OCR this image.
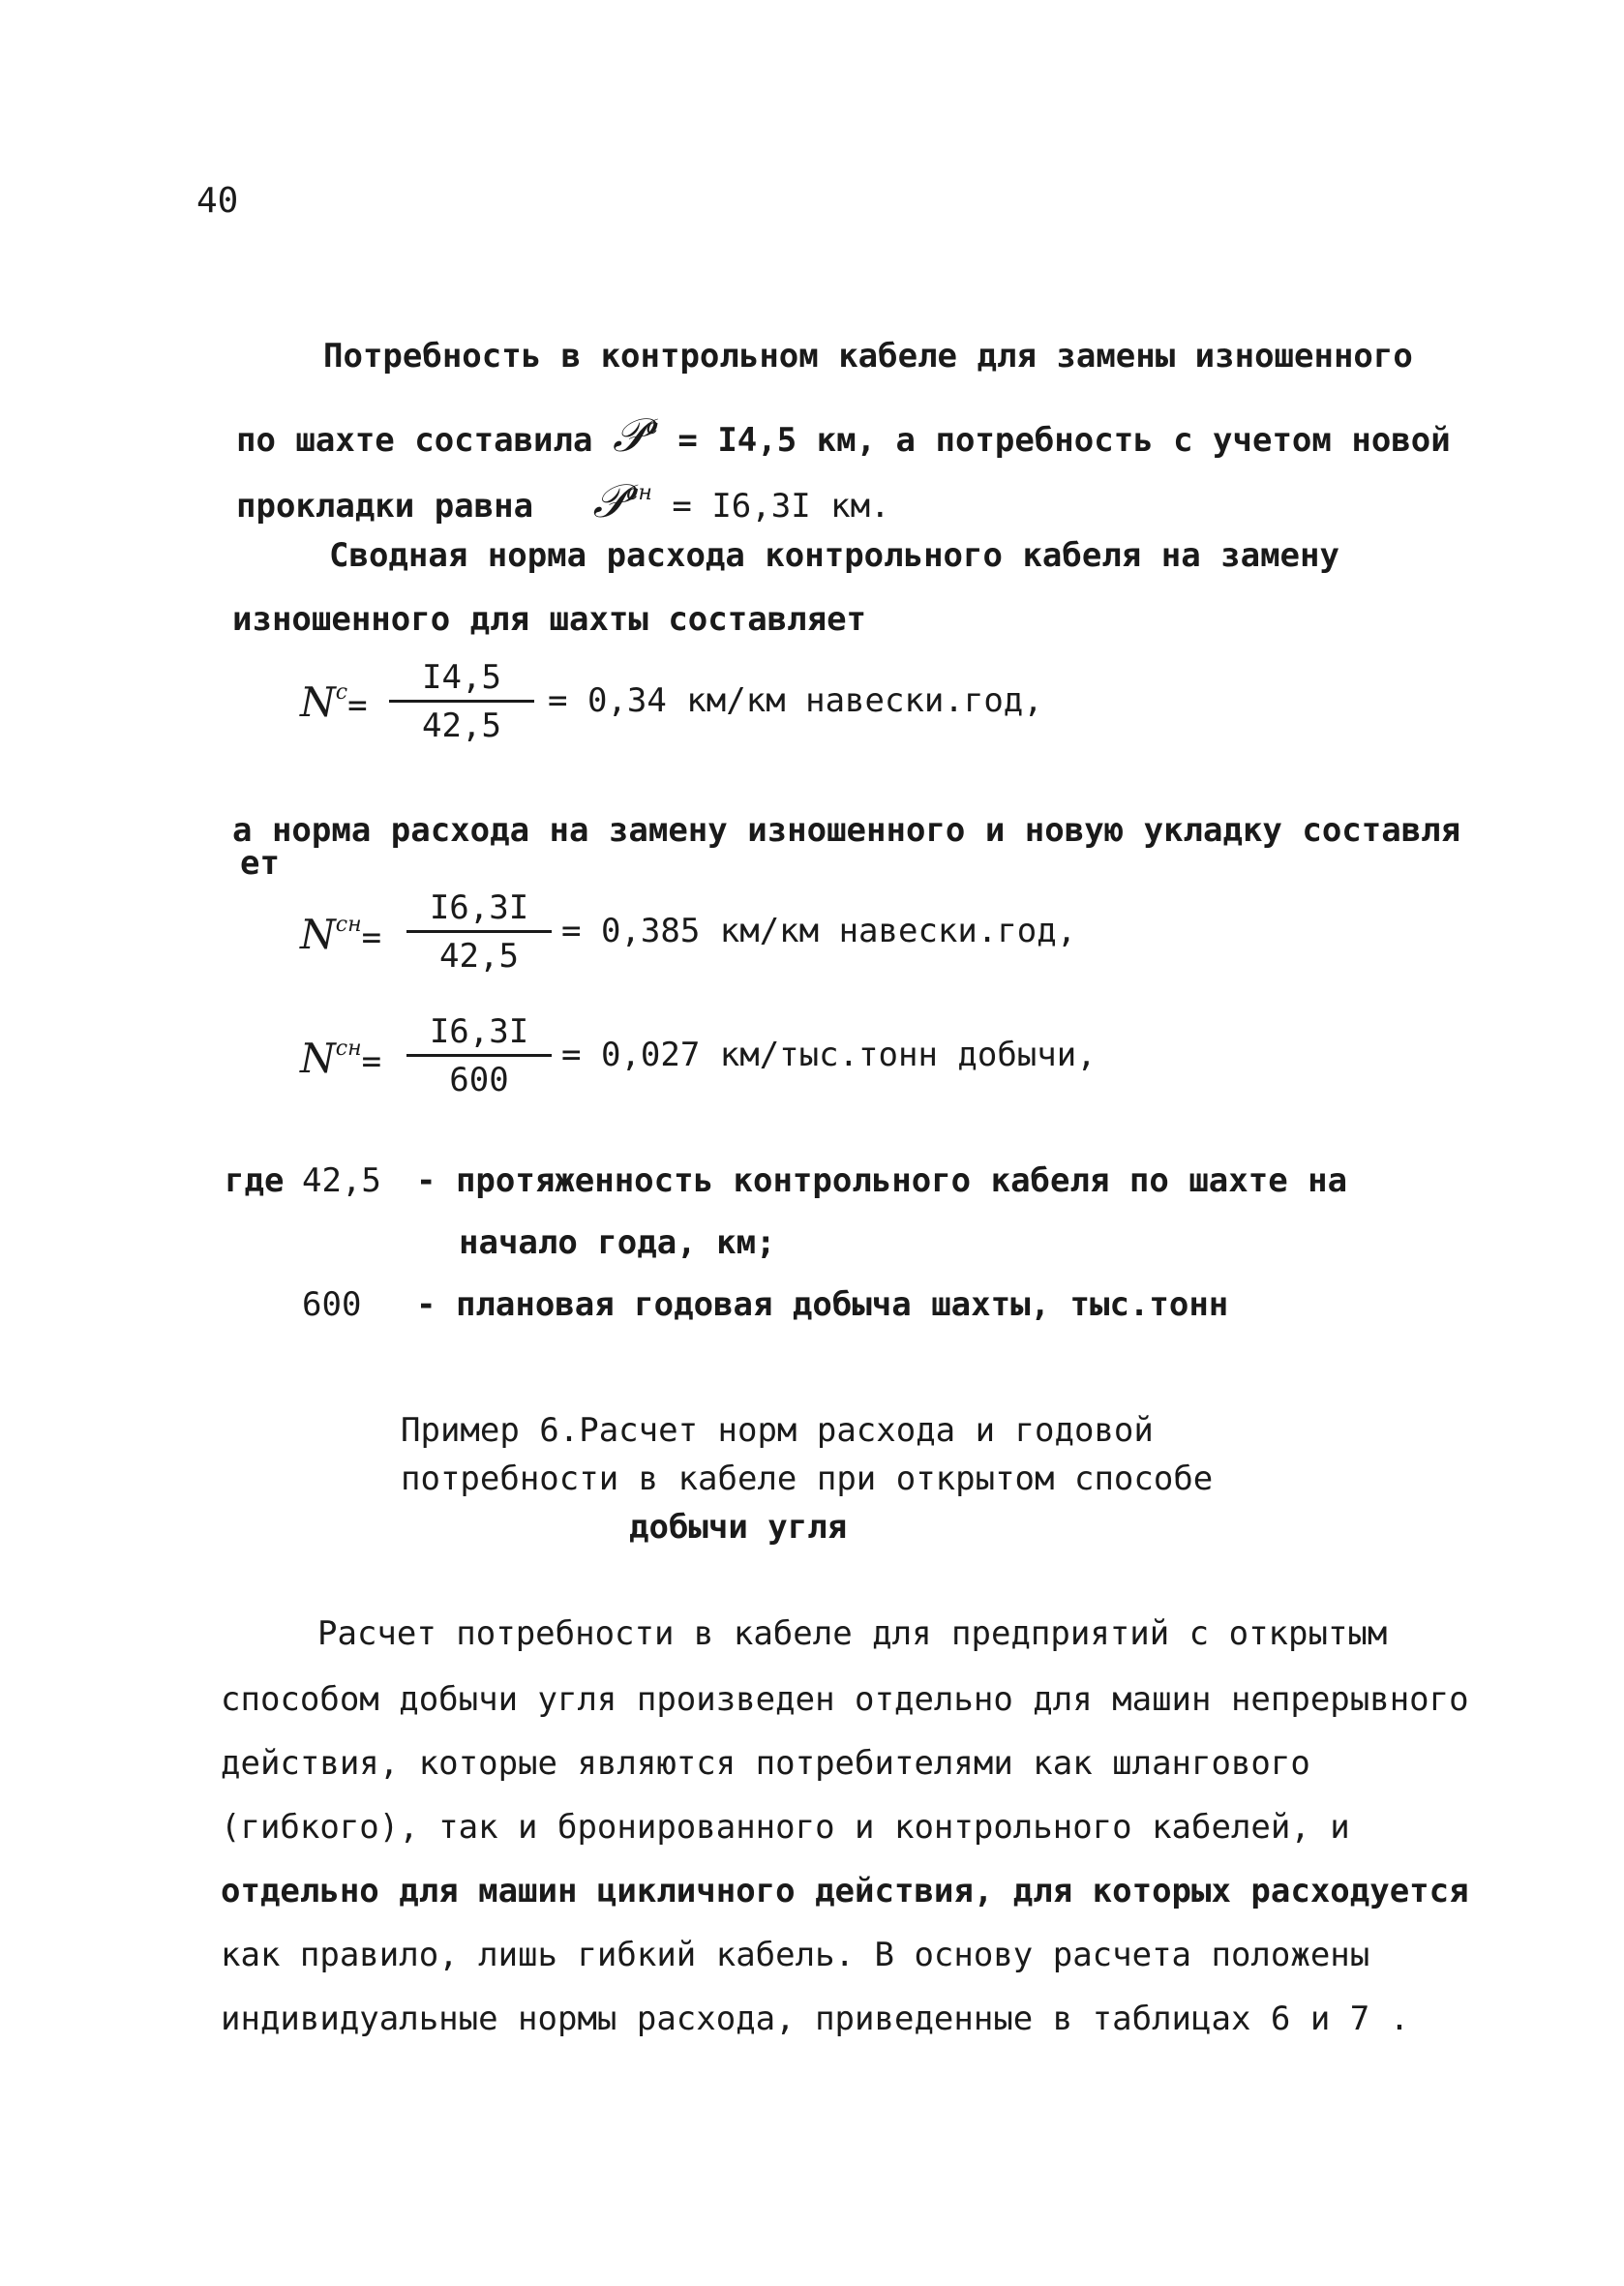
40
Потребность в контрольном кабеле для замены изношенного
по шахте составила 𝒫$^c$ = I4,5 км, а потребность с учетом новой
прокладки равна 𝒫$^{сн}$ = I6,3I км.
Сводная норма расхода контрольного кабеля на замену
изношенного для шахты составляет
$N^с=$
I4,5
42,5
= 0,34 км/км навески.год,
а норма расхода на замену изношенного и новую укладку составля
ет
$N^{сн}=$
I6,3I
42,5
= 0,385 км/км навески.год,
$N^{сн}=$
I6,3I
600
= 0,027 км/тыс.тонн добычи,
где 42,5 - протяженность контрольного кабеля по шахте на
начало года, км;
600 - плановая годовая добыча шахты, тыс.тонн
Пример 6.Расчет норм расхода и годовой
потребности в кабеле при открытом способе
добычи угля
Расчет потребности в кабеле для предприятий с открытым
способом добычи угля произведен отдельно для машин непрерывного
действия, которые являются потребителями как шлангового
(гибкого), так и бронированного и контрольного кабелей, и
отдельно для машин цикличного действия, для которых расходуется
как правило, лишь гибкий кабель. В основу расчета положены
индивидуальные нормы расхода, приведенные в таблицах 6 и 7 .
